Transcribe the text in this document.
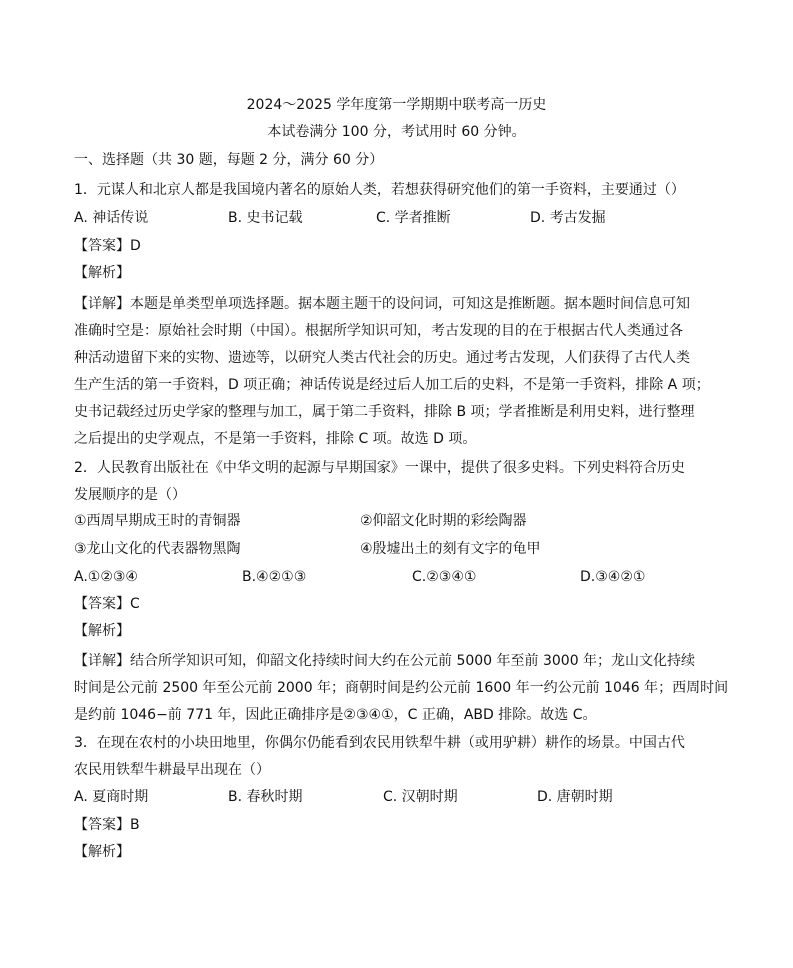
2024～2025 学年度第一学期期中联考高一历史
本试卷满分 100 分，考试用时 60 分钟。
一、选择题（共 30 题，每题 2 分，满分 60 分）
1．元谋人和北京人都是我国境内著名的原始人类，若想获得研究他们的第一手资料，主要通过（）
A. 神话传说	B. 史书记载	C. 学者推断	D. 考古发掘
【答案】D
【解析】
【详解】本题是单类型单项选择题。据本题主题干的设问词，可知这是推断题。据本题时间信息可知
准确时空是：原始社会时期（中国）。根据所学知识可知，考古发现的目的在于根据古代人类通过各
种活动遗留下来的实物、遗迹等，以研究人类古代社会的历史。通过考古发现，人们获得了古代人类
生产生活的第一手资料，D 项正确；神话传说是经过后人加工后的史料，不是第一手资料，排除 A 项；
史书记载经过历史学家的整理与加工，属于第二手资料，排除 B 项；学者推断是利用史料，进行整理
之后提出的史学观点，不是第一手资料，排除 C 项。故选 D 项。
2．人民教育出版社在《中华文明的起源与早期国家》一课中，提供了很多史料。下列史料符合历史
发展顺序的是（）
①西周早期成王时的青铜器	②仰韶文化时期的彩绘陶器
③龙山文化的代表器物黑陶	④殷墟出土的刻有文字的龟甲
A.①②③④	B.④②①③	C.②③④①	D.③④②①
【答案】C
【解析】
【详解】结合所学知识可知，仰韶文化持续时间大约在公元前 5000 年至前 3000 年；龙山文化持续
时间是公元前 2500 年至公元前 2000 年；商朝时间是约公元前 1600 年一约公元前 1046 年；西周时间
是约前 1046−前 771 年，因此正确排序是②③④①，C 正确，ABD 排除。故选 C。
3．在现在农村的小块田地里，你偶尔仍能看到农民用铁犁牛耕（或用驴耕）耕作的场景。中国古代
农民用铁犁牛耕最早出现在（）
A. 夏商时期	B. 春秋时期	C. 汉朝时期	D. 唐朝时期
【答案】B
【解析】
